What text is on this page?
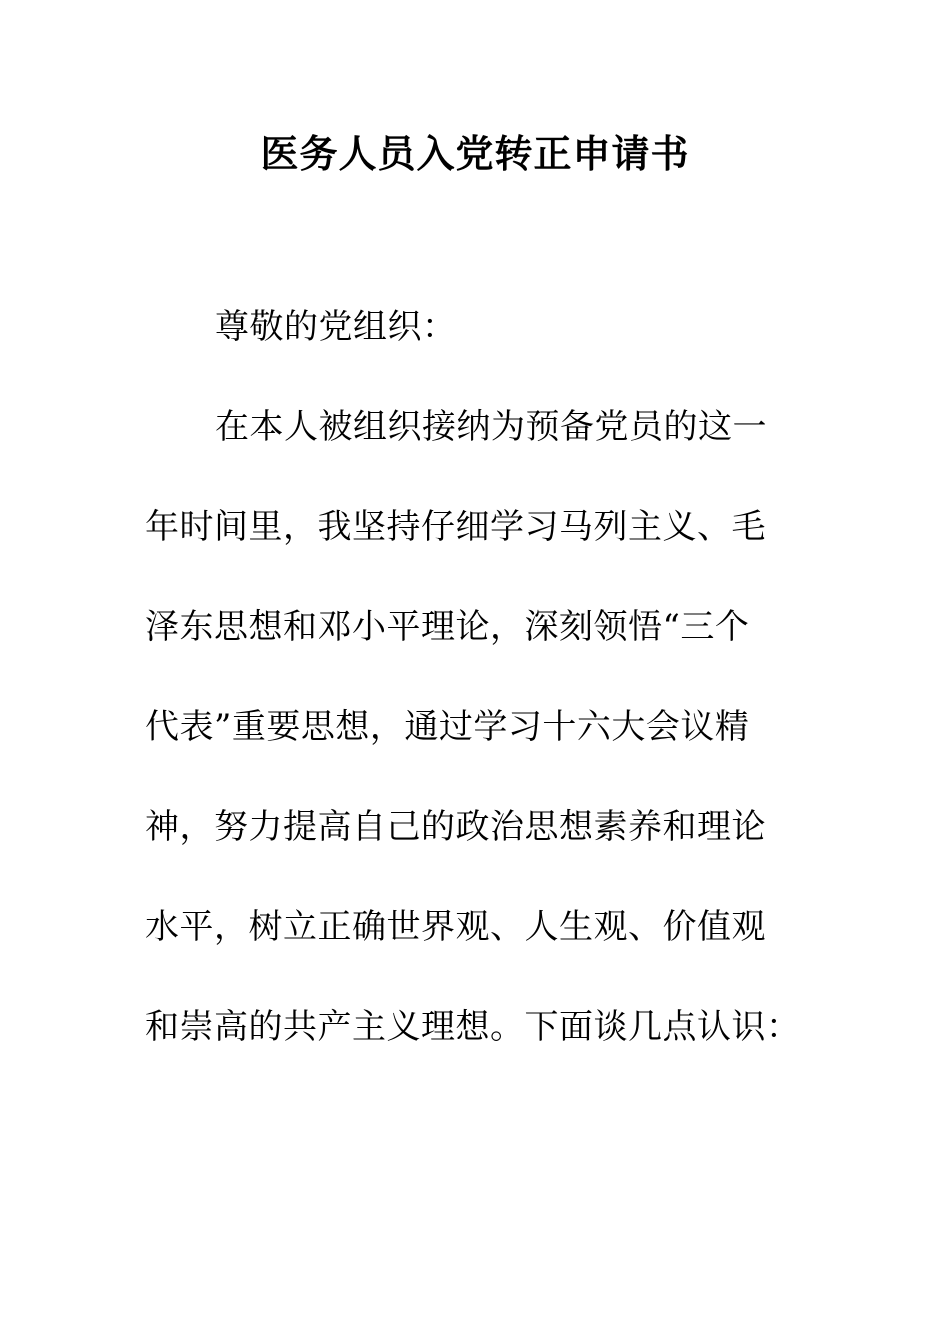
医务人员入党转正申请书
尊敬的党组织：
在本人被组织接纳为预备党员的这一
年时间里，我坚持仔细学习马列主义、毛
泽东思想和邓小平理论，深刻领悟“三个
代表”重要思想，通过学习十六大会议精
神，努力提高自己的政治思想素养和理论
水平，树立正确世界观、人生观、价值观
和崇高的共产主义理想。下面谈几点认识：
